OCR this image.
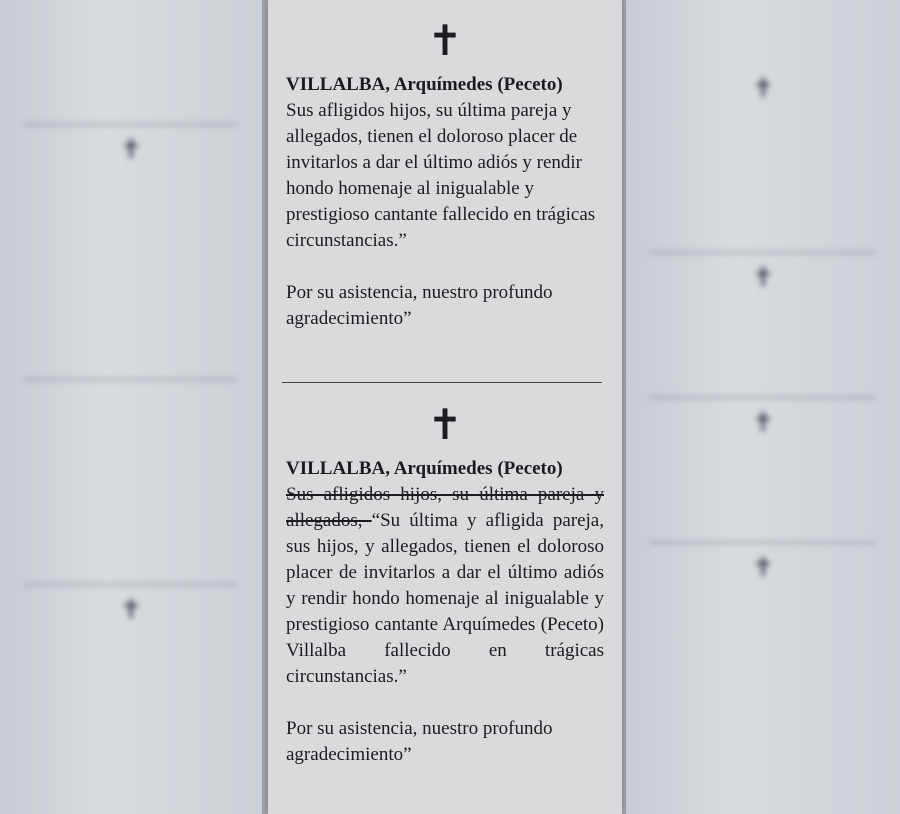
✝

✝

✝

✝

✝

✝

✝
VILLALBA, Arquímedes (Peceto)
Sus afligidos hijos, su última pareja y allegados, tienen el doloroso placer de invitarlos a dar el último adiós y rendir hondo homenaje al inigualable y prestigioso cantante fallecido en trágicas circunstancias.”
Por su asistencia, nuestro profundo agradecimiento”
✝
VILLALBA, Arquímedes (Peceto)
Sus afligidos hijos, su última pareja y allegados, “Su última y afligida pareja, sus hijos, y allegados, tienen el doloroso placer de invitarlos a dar el último adiós y rendir hondo homenaje al inigualable y prestigioso cantante Arquímedes (Peceto) Villalba fallecido en trágicas circunstancias.”
Por su asistencia, nuestro profundo agradecimiento”
